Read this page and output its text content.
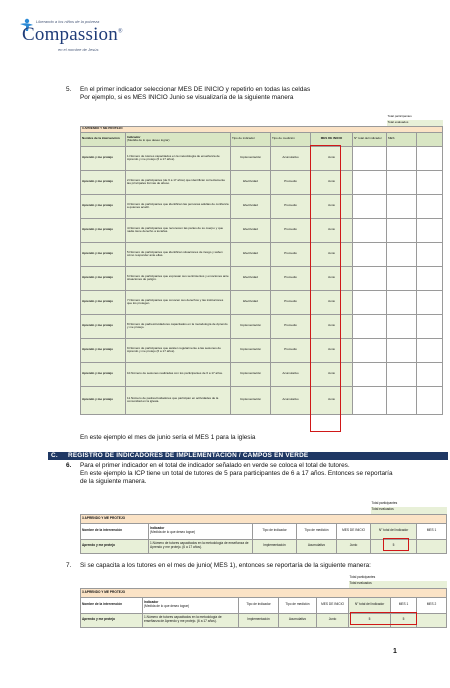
Liberando a los niños de la pobreza
Compassion®
en el nombre de Jesús
5. En el primer indicador seleccionar MES DE INICIO y repetirlo en todas las celdas
Por ejemplo, si es MES INICIO Junio se visualizaría de la siguiente manera
						Total participantes	
						Total evaluados	
3 APRENDO Y ME PROTEJO							
Nombre de la intervención	Indicador
(Medida de lo que deseo lograr)	Tipo de indicador	Tipo de medición	MES DE INICIO	N° total del indicador	MES	
Aprendo y me protejo	1.Número de tutores capacitados en la metodología de enseñanza de Aprendo y me protejo (6 a 17 años).	Implementación	Acumulativo	Junio			
Aprendo y me protejo	2.Número de participantes (de 6 a 17 años) que identifican correctamente las principales formas de abuso.	Efectividad	Promedio	Junio			
Aprendo y me protejo	3.Número de participantes que identifican las personas adultas de confianza a quienes acudir.	Efectividad	Promedio	Junio			
Aprendo y me protejo	4.Número de participantes que reconocen las partes de su cuerpo y que nadie tiene derecho a tocarlas.	Efectividad	Promedio	Junio			
Aprendo y me protejo	5.Número de participantes que identifican situaciones de riesgo y saben cómo responder ante ellas.	Efectividad	Promedio	Junio			
Aprendo y me protejo	6.Número de participantes que expresan sus sentimientos y emociones ante situaciones de peligro.	Efectividad	Promedio	Junio			
Aprendo y me protejo	7.Número de participantes que conocen sus derechos y las instituciones que los protegen.	Efectividad	Promedio	Junio			
Aprendo y me protejo	8.Número de padres/cuidadores capacitados en la metodología de Aprendo y me protejo.	Implementación	Promedio	Junio			
Aprendo y me protejo	9.Número de participantes que asisten regularmente a las sesiones de Aprendo y me protejo (6 a 17 años).	Implementación	Promedio	Junio			
Aprendo y me protejo	10.Número de sesiones realizadas con los participantes de 6 a 17 años.	Implementación	Acumulativo	Junio			
Aprendo y me protejo	11.Número de padres/cuidadores que participan en actividades de la comunidad en la iglesia.	Implementación	Acumulativo	Junio			
En este ejemplo el mes de junio sería el MES 1 para la iglesia
C. REGISTRO DE INDICADORES DE IMPLEMENTACIÓN / CAMPOS EN VERDE
6. Para el primer indicador en el total de indicador señalado en verde se coloca el total de tutores.
En este ejemplo la ICP tiene un total de tutores de 5 para participantes de 6 a 17 años. Entonces se reportaría
de la siguiente manera.
					Total participantes	
					Total evaluados	
3 APRENDO Y ME PROTEJO						
Nombre de la intervención	Indicador
(Medida de lo que deseo lograr)	Tipo de indicador	Tipo de medición	MES DE INICIO	N° total del indicador	MES 1
Aprendo y me protejo	1.Número de tutores capacitados en la metodología de enseñanza de Aprendo y me protejo. (6 a 17 años).	Implementación	Acumulativo	Junio	5	
7. Si se capacita a los tutores en el mes de junio( MES 1), entonces se reportaría de la siguiente manera:
					Total participantes		
					Total evaluados		
3 APRENDO Y ME PROTEJO							
Nombre de la intervención	Indicador
(Medida de lo que deseo lograr)	Tipo de indicador	Tipo de medición	MES DE INICIO	N° total del indicador	MES 1	MES 2
Aprendo y me protejo	1.Número de tutores capacitados en la metodología de enseñanza de Aprendo y me protejo. (6 a 17 años).	Implementación	Acumulativo	Junio	5	5	
1
